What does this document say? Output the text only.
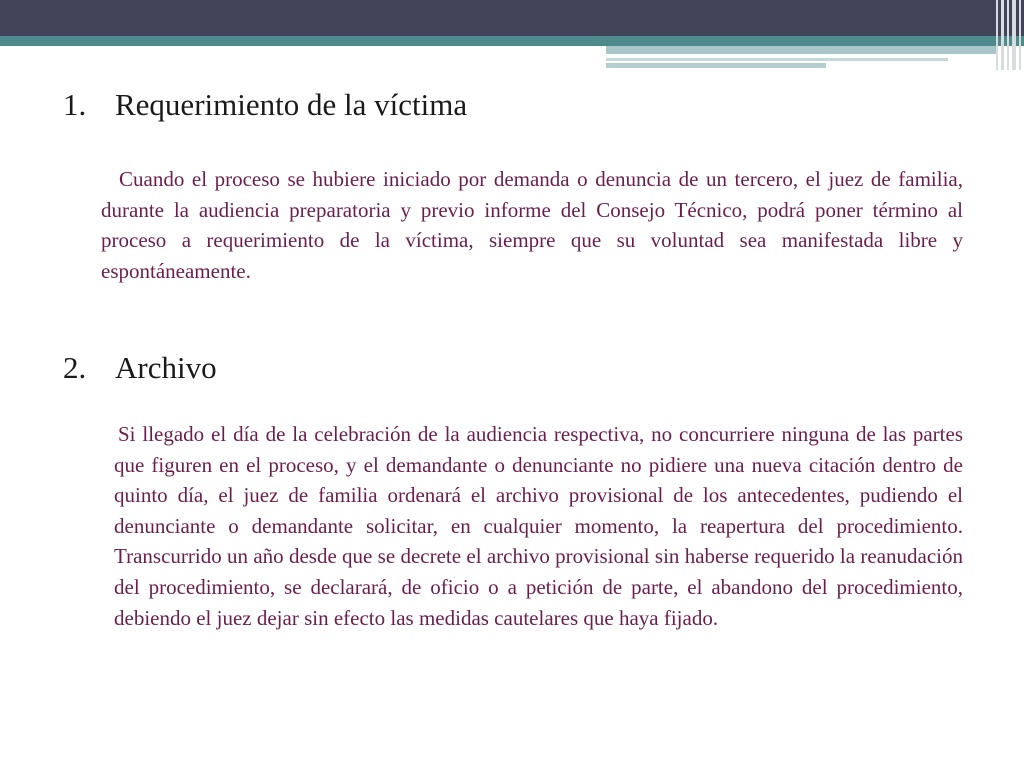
1. Requerimiento de la víctima

Cuando el proceso se hubiere iniciado por demanda o denuncia de un tercero, el juez de familia, durante la audiencia preparatoria y previo informe del Consejo Técnico, podrá poner término al proceso a requerimiento de la víctima, siempre que su voluntad sea manifestada libre y espontáneamente.

2. Archivo

Si llegado el día de la celebración de la audiencia respectiva, no concurriere ninguna de las partes que figuren en el proceso, y el demandante o denunciante no pidiere una nueva citación dentro de quinto día, el juez de familia ordenará el archivo provisional de los antecedentes, pudiendo el denunciante o demandante solicitar, en cualquier momento, la reapertura del procedimiento. Transcurrido un año desde que se decrete el archivo provisional sin haberse requerido la reanudación del procedimiento, se declarará, de oficio o a petición de parte, el abandono del procedimiento, debiendo el juez dejar sin efecto las medidas cautelares que haya fijado.
